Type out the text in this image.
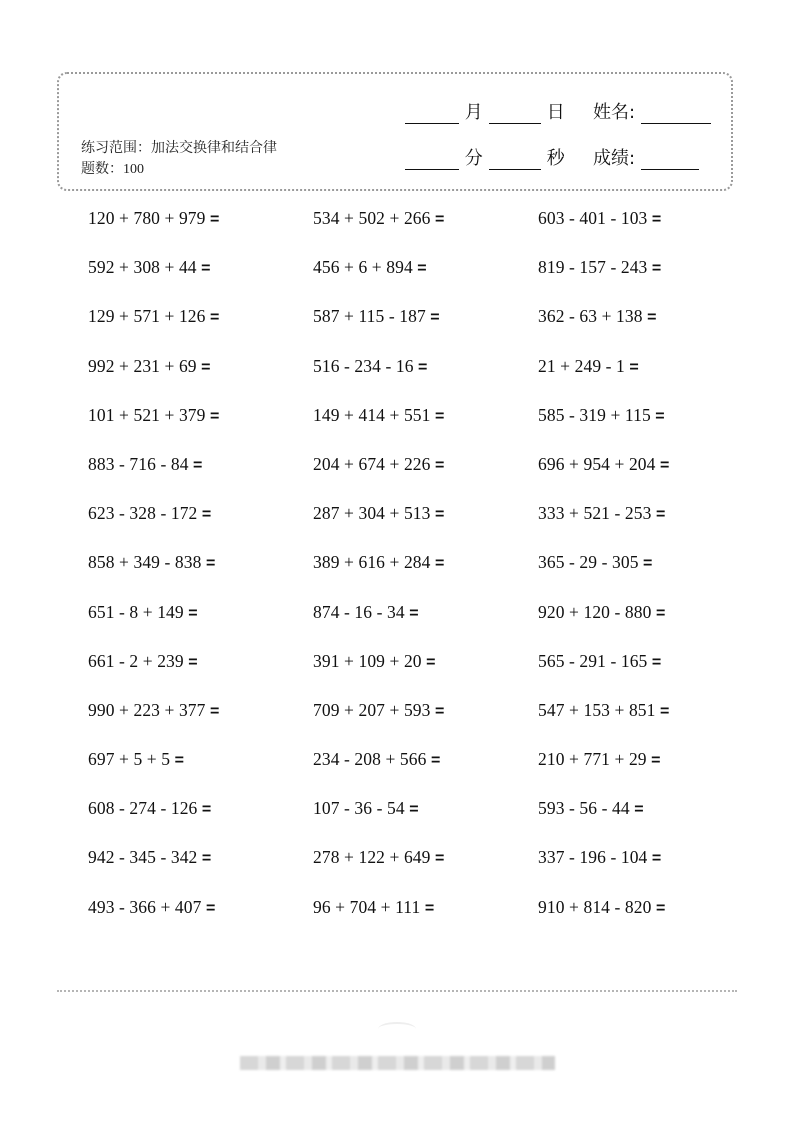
练习范围：加法交换律和结合律
题数：100
月	日 姓名:
分	秒 成绩:
120 + 780 + 979 =	534 + 502 + 266 =	603 - 401 - 103 =
592 + 308 + 44 =	456 + 6 + 894 =	819 - 157 - 243 =
129 + 571 + 126 =	587 + 115 - 187 =	362 - 63 + 138 =
992 + 231 + 69 =	516 - 234 - 16 =	21 + 249 - 1 =
101 + 521 + 379 =	149 + 414 + 551 =	585 - 319 + 115 =
883 - 716 - 84 =	204 + 674 + 226 =	696 + 954 + 204 =
623 - 328 - 172 =	287 + 304 + 513 =	333 + 521 - 253 =
858 + 349 - 838 =	389 + 616 + 284 =	365 - 29 - 305 =
651 - 8 + 149 =	874 - 16 - 34 =	920 + 120 - 880 =
661 - 2 + 239 =	391 + 109 + 20 =	565 - 291 - 165 =
990 + 223 + 377 =	709 + 207 + 593 =	547 + 153 + 851 =
697 + 5 + 5 =	234 - 208 + 566 =	210 + 771 + 29 =
608 - 274 - 126 =	107 - 36 - 54 =	593 - 56 - 44 =
942 - 345 - 342 =	278 + 122 + 649 =	337 - 196 - 104 =
493 - 366 + 407 =	96 + 704 + 111 =	910 + 814 - 820 =
